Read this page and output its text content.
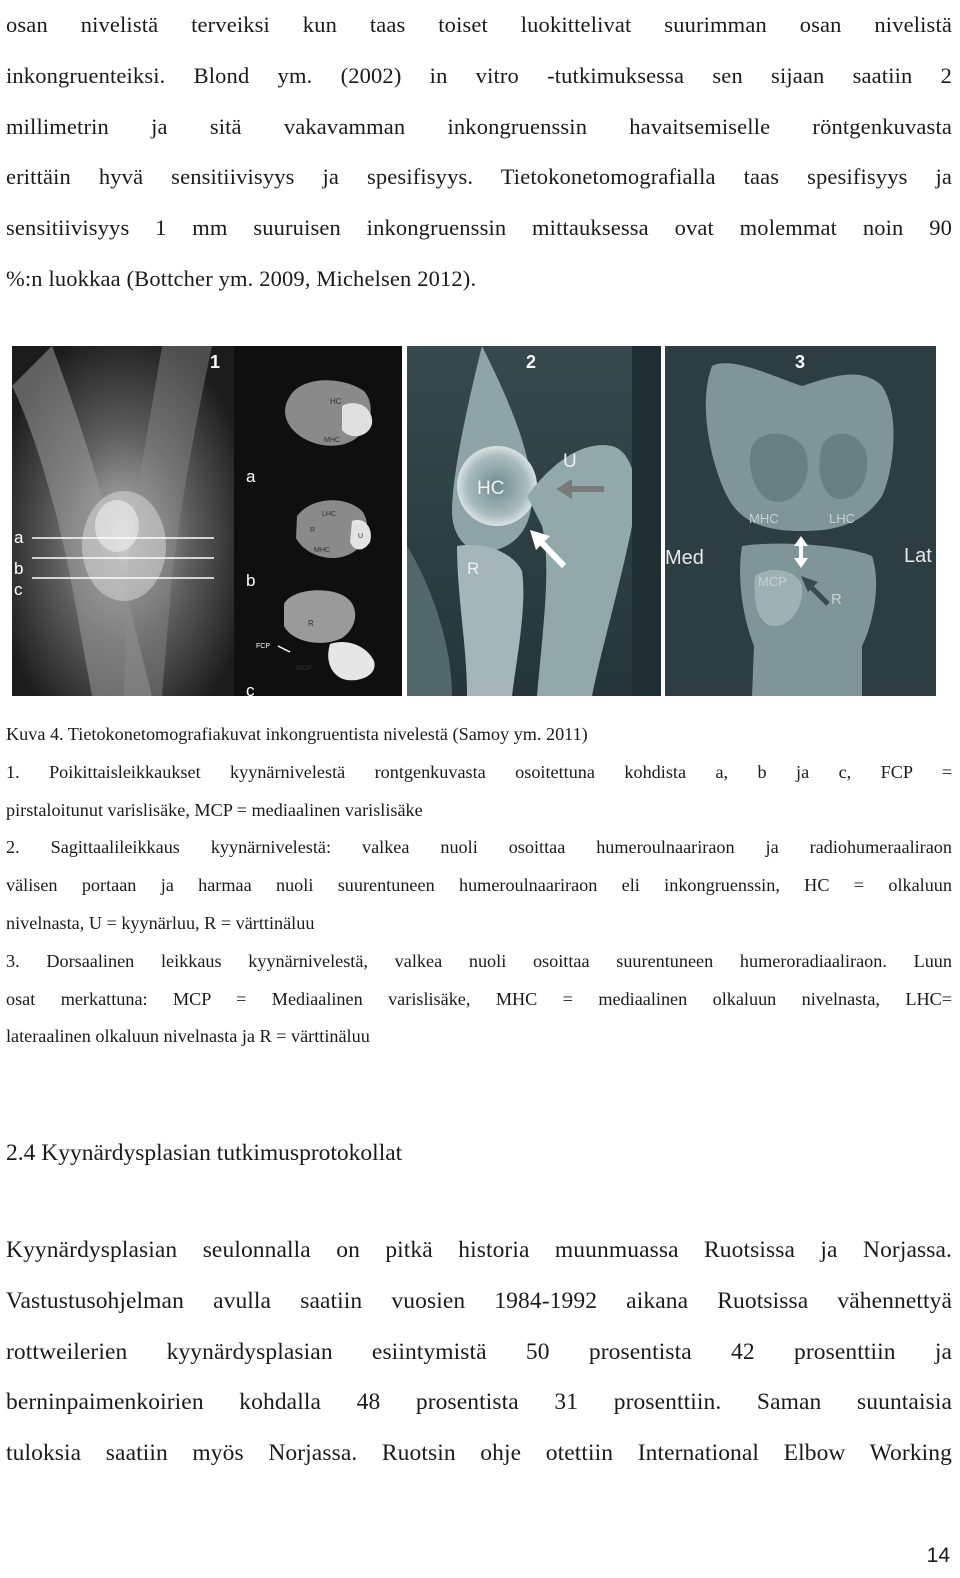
osan nivelistä terveiksi kun taas toiset luokittelivat suurimman osan nivelistä
inkongruenteiksi. Blond ym. (2002) in vitro -tutkimuksessa sen sijaan saatiin 2
millimetrin ja sitä vakavamman inkongruenssin havaitsemiselle röntgenkuvasta
erittäin hyvä sensitiivisyys ja spesifisyys. Tietokonetomografialla taas spesifisyys ja
sensitiivisyys 1 mm suuruisen inkongruenssin mittauksessa ovat molemmat noin 90
%:n luokkaa (Bottcher ym. 2009, Michelsen 2012).
1
a
b
c
a
b
c
HC
MHC
LHC
R
U
MHC
R
FCP
MCP
2
HC
U
R
3
MHC	LHC
Med	Lat
MCP
R
Kuva 4. Tietokonetomografiakuvat inkongruentista nivelestä (Samoy ym. 2011)
1. Poikittaisleikkaukset kyynärnivelestä rontgenkuvasta osoitettuna kohdista a, b ja c, FCP =
pirstaloitunut varislisäke, MCP = mediaalinen varislisäke
2. Sagittaalileikkaus kyynärnivelestä: valkea nuoli osoittaa humeroulnaariraon ja radiohumeraaliraon
välisen portaan ja harmaa nuoli suurentuneen humeroulnaariraon eli inkongruenssin, HC = olkaluun
nivelnasta, U = kyynärluu, R = värttinäluu
3. Dorsaalinen leikkaus kyynärnivelestä, valkea nuoli osoittaa suurentuneen humeroradiaaliraon. Luun
osat merkattuna: MCP = Mediaalinen varislisäke, MHC = mediaalinen olkaluun nivelnasta, LHC=
lateraalinen olkaluun nivelnasta ja R = värttinäluu
2.4 Kyynärdysplasian tutkimusprotokollat
Kyynärdysplasian seulonnalla on pitkä historia muunmuassa Ruotsissa ja Norjassa.
Vastustusohjelman avulla saatiin vuosien 1984-1992 aikana Ruotsissa vähennettyä
rottweilerien kyynärdysplasian esiintymistä 50 prosentista 42 prosenttiin ja
berninpaimenkoirien kohdalla 48 prosentista 31 prosenttiin. Saman suuntaisia
tuloksia saatiin myös Norjassa. Ruotsin ohje otettiin International Elbow Working
14
